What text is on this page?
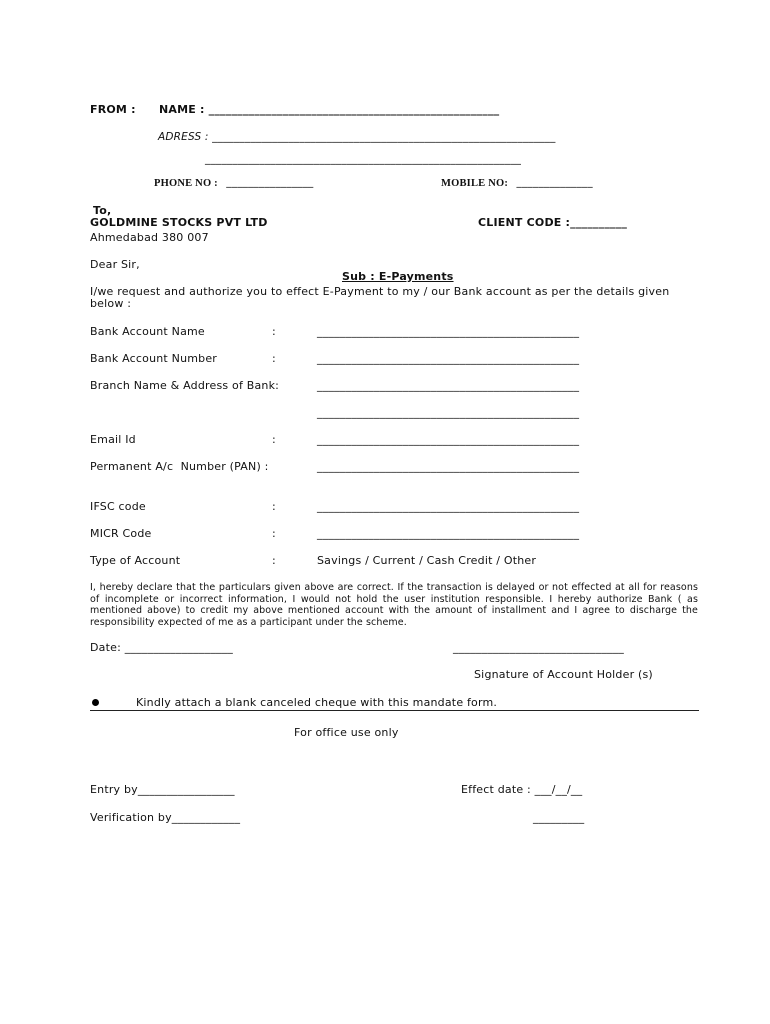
FROM : NAME : ___________________________________________________
ADRESS : _______________________________________________________________
__________________________________________________________
PHONE NO :   ________________	MOBILE NO:   ______________
To,
GOLDMINE STOCKS PVT LTD	CLIENT CODE :__________
Ahmedabad 380 007
Dear Sir,
Sub : E-Payments
I/we request and authorize you to effect E-Payment to my / our Bank account as per the details given
below :
Bank Account Name	:	______________________________________________
Bank Account Number	:	______________________________________________
Branch Name & Address of Bank:	______________________________________________
______________________________________________
Email Id	:	______________________________________________
Permanent A/c  Number (PAN) :	______________________________________________
IFSC code	:	______________________________________________
MICR Code	:	______________________________________________
Type of Account	:	Savings / Current / Cash Credit / Other
I, hereby declare that the particulars given above are correct. If the transaction is delayed or not effected at all for reasons of incomplete or incorrect information, I would not hold the user institution responsible. I hereby authorize Bank ( as mentioned above) to credit my above mentioned account with the amount of installment and I agree to discharge the responsibility expected of me as a participant under the scheme.
Date: ___________________	______________________________
Signature of Account Holder (s)
Kindly attach a blank canceled cheque with this mandate form.
For office use only
Entry by_________________	Effect date : ___/__/__
Verification by____________	_________
